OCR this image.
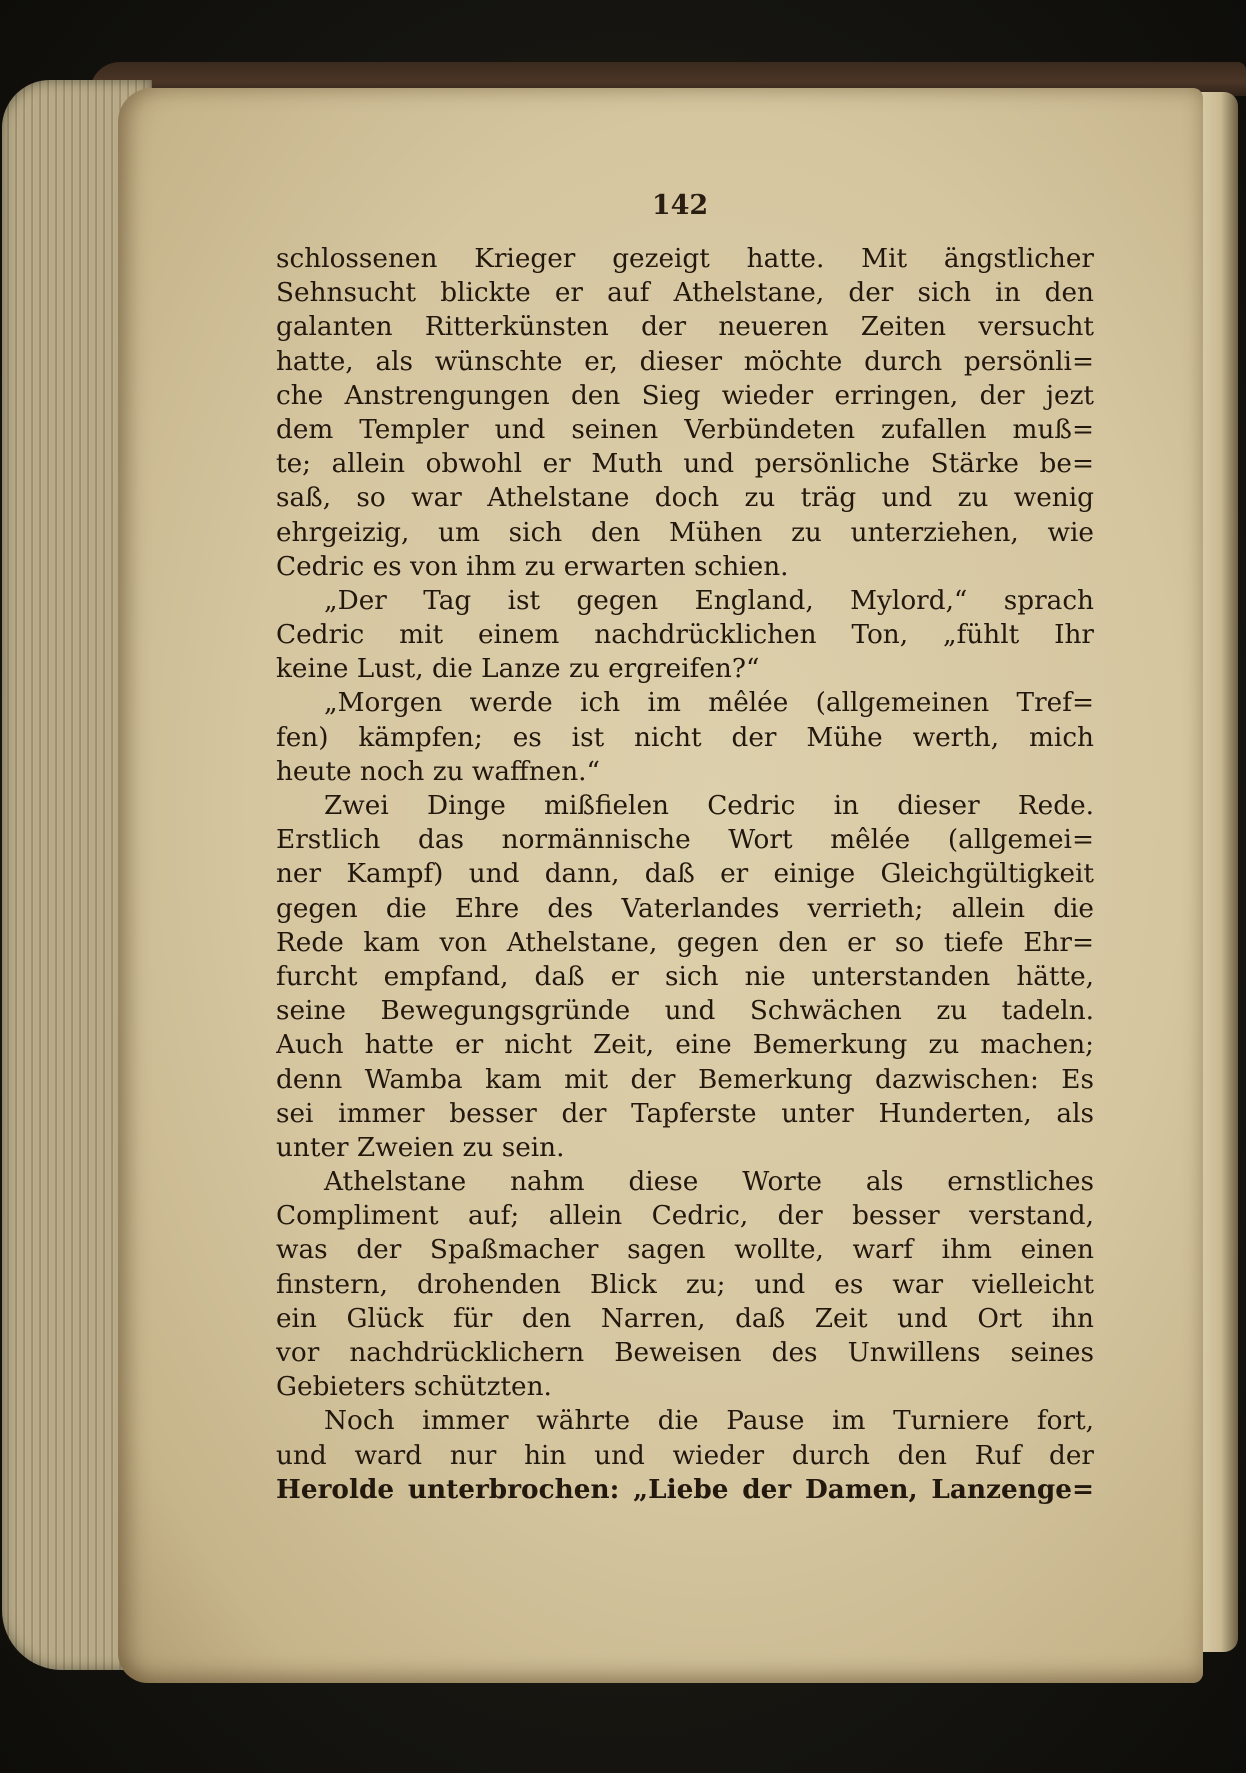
142
schlossenen Krieger gezeigt hatte. Mit ängstlicher
Sehnsucht blickte er auf Athelstane, der sich in den
galanten Ritterkünsten der neueren Zeiten versucht
hatte, als wünschte er, dieser möchte durch persönli=
che Anstrengungen den Sieg wieder erringen, der jezt
dem Templer und seinen Verbündeten zufallen muß=
te; allein obwohl er Muth und persönliche Stärke be=
saß, so war Athelstane doch zu träg und zu wenig
ehrgeizig, um sich den Mühen zu unterziehen, wie
Cedric es von ihm zu erwarten schien.
„Der Tag ist gegen England, Mylord,“ sprach
Cedric mit einem nachdrücklichen Ton, „fühlt Ihr
keine Lust, die Lanze zu ergreifen?“
„Morgen werde ich im mêlée (allgemeinen Tref=
fen) kämpfen; es ist nicht der Mühe werth, mich
heute noch zu waffnen.“
Zwei Dinge mißfielen Cedric in dieser Rede.
Erstlich das normännische Wort mêlée (allgemei=
ner Kampf) und dann, daß er einige Gleichgültigkeit
gegen die Ehre des Vaterlandes verrieth; allein die
Rede kam von Athelstane, gegen den er so tiefe Ehr=
furcht empfand, daß er sich nie unterstanden hätte,
seine Bewegungsgründe und Schwächen zu tadeln.
Auch hatte er nicht Zeit, eine Bemerkung zu machen;
denn Wamba kam mit der Bemerkung dazwischen: Es
sei immer besser der Tapferste unter Hunderten, als
unter Zweien zu sein.
Athelstane nahm diese Worte als ernstliches
Compliment auf; allein Cedric, der besser verstand,
was der Spaßmacher sagen wollte, warf ihm einen
finstern, drohenden Blick zu; und es war vielleicht
ein Glück für den Narren, daß Zeit und Ort ihn
vor nachdrücklichern Beweisen des Unwillens seines
Gebieters schützten.
Noch immer währte die Pause im Turniere fort,
und ward nur hin und wieder durch den Ruf der
Herolde unterbrochen: „Liebe der Damen, Lanzenge=
